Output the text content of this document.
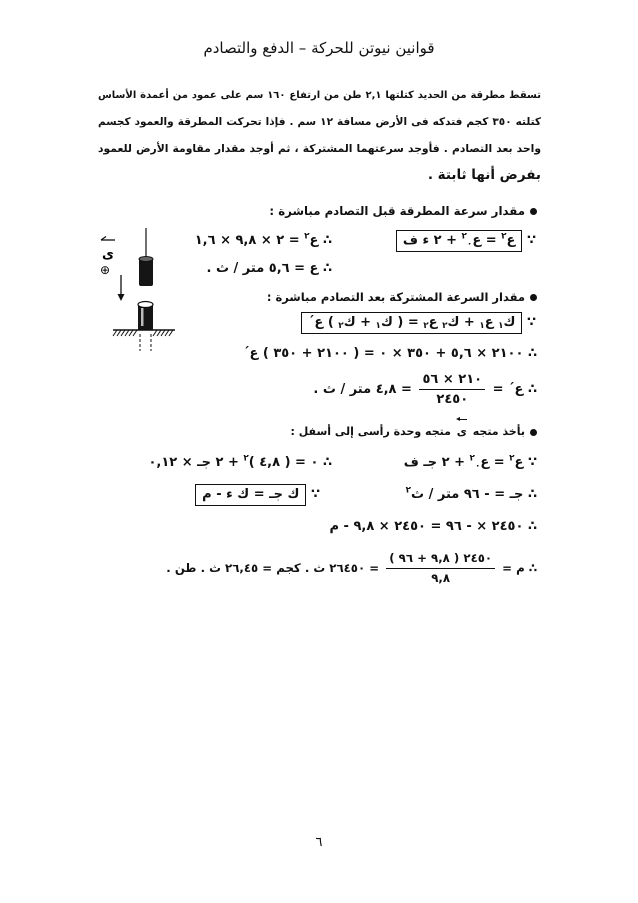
قوانين نيوتن للحركة – الدفع والتصادم
تسقط مطرقة من الحديد كتلتها ٢,١ طن من ارتفاع ١٦٠ سم على عمود من أعمدة الأساس
كتلته ٣٥٠ كجم فتدكه فى الأرض مسافة ١٢ سم . فإذا تحركت المطرقة والعمود كجسم
واحد بعد التصادم . فأوجد سرعتهما المشتركة ، ثم أوجد مقدار مقاومة الأرض للعمود
بفرض أنها ثابتة .
ى
⊕
مقدار سرعة المطرقة قبل التصادم مباشرة :
∵ ع$^٢$ = ع$_٠^٢$ + ٢ ء ف
∴ ع$^٢$ = ٢ × ٩,٨ × ١,٦
∴ ع = ٥,٦ متر / ث .
مقدار السرعة المشتركة بعد التصادم مباشرة :
∵ ك$_١$ ع$_١$ + ك$_٢$ ع$_٢$ = ( ك$_١$ + ك$_٢$ ) ع´
∴ ٢١٠٠ × ٥,٦ + ٣٥٠ × ٠ = ( ٢١٠٠ + ٣٥٠ ) ع´
∴ ع´ =
$\frac{٢١٠ \times ٥٦}{٢٤٥٠}$
= ٤,٨ متر / ث .
بأخذ متجه ى متجه وحدة رأسى إلى أسفل :
∵ ع$^٢$ = ع$_٠^٢$ + ٢ جـ ف
∴ ٠ = ( ٤,٨ )$^٢$ + ٢ جـ × ٠,١٢
∴ جـ = - ٩٦ متر / ث$^٢$
∵ ك جـ = ك ء - م
∴ ٢٤٥٠ × - ٩٦ = ٢٤٥٠ × ٩,٨ - م
∴ م =
$\frac{٢٤٥٠ ( ٩,٨ + ٩٦ )}{٩,٨}$
= ٢٦٤٥٠ ث . كجم = ٢٦,٤٥ ث . طن .
٦
